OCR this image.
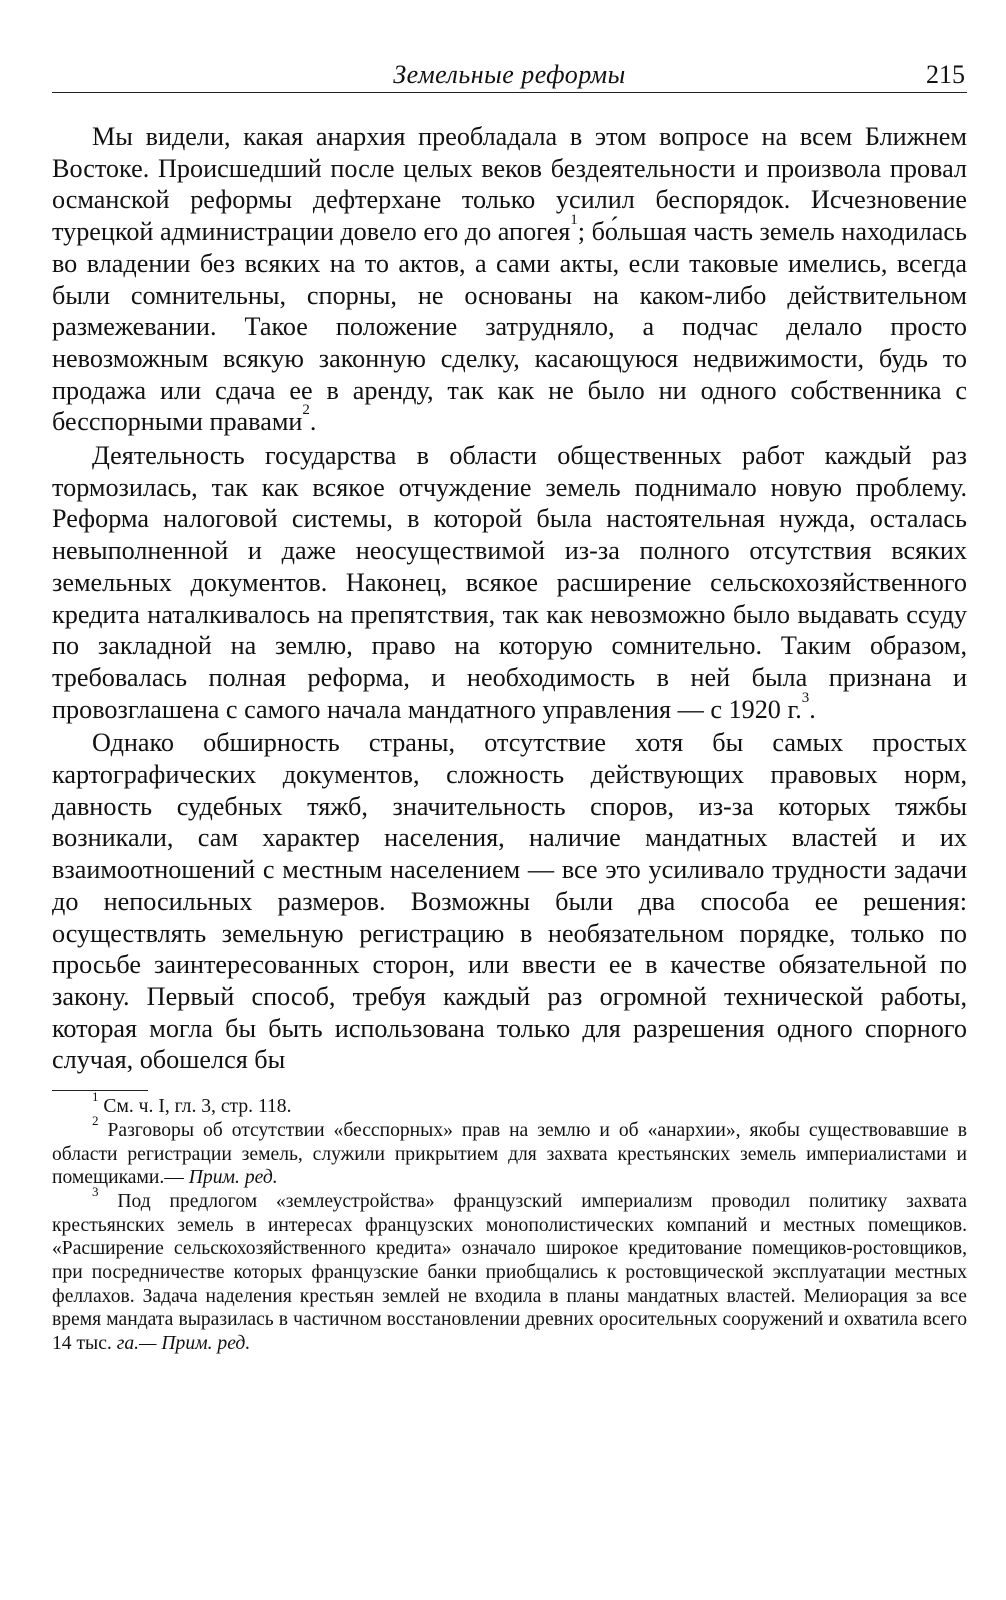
Земельные реформы	215

Мы видели, какая анархия преобладала в этом вопросе на всем Ближнем Востоке. Происшедший после целых веков бездеятельности и произвола провал османской реформы дефтерхане только усилил беспорядок. Исчезновение турецкой администрации довело его до апогея$^1$; бо́льшая часть земель находилась во владении без всяких на то актов, а сами акты, если таковые имелись, всегда были сомнительны, спорны, не основаны на каком-либо действительном размежевании. Такое положение затрудняло, а подчас делало просто невозможным всякую законную сделку, касающуюся недвижимости, будь то продажа или сдача ее в аренду, так как не было ни одного собственника с бесспорными правами$^2$.

Деятельность государства в области общественных работ каждый раз тормозилась, так как всякое отчуждение земель поднимало новую проблему. Реформа налоговой системы, в которой была настоятельная нужда, осталась невыполненной и даже неосуществимой из-за полного отсутствия всяких земельных документов. Наконец, всякое расширение сельскохозяйственного кредита наталкивалось на препятствия, так как невозможно было выдавать ссуду по закладной на землю, право на которую сомнительно. Таким образом, требовалась полная реформа, и необходимость в ней была признана и провозглашена с самого начала мандатного управления — с 1920 г.$^3$.

Однако обширность страны, отсутствие хотя бы самых простых картографических документов, сложность действующих правовых норм, давность судебных тяжб, значительность споров, из-за которых тяжбы возникали, сам характер населения, наличие мандатных властей и их взаимоотношений с местным населением — все это усиливало трудности задачи до непосильных размеров. Возможны были два способа ее решения: осуществлять земельную регистрацию в необязательном порядке, только по просьбе заинтересованных сторон, или ввести ее в качестве обязательной по закону. Первый способ, требуя каждый раз огромной технической работы, которая могла бы быть использована только для разрешения одного спорного случая, обошелся бы

$^1$ См. ч. I, гл. 3, стр. 118.

$^2$ Разговоры об отсутствии «бесспорных» прав на землю и об «анархии», якобы существовавшие в области регистрации земель, служили прикрытием для захвата крестьянских земель империалистами и помещиками.— Прим. ред.

$^3$ Под предлогом «землеустройства» французский империализм проводил политику захвата крестьянских земель в интересах французских монополистических компаний и местных помещиков. «Расширение сельскохозяйственного кредита» означало широкое кредитование помещиков-ростовщиков, при посредничестве которых французские банки приобщались к ростовщической эксплуатации местных феллахов. Задача наделения крестьян землей не входила в планы мандатных властей. Мелиорация за все время мандата выразилась в частичном восстановлении древних оросительных сооружений и охватила всего 14 тыс. га.— Прим. ред.
